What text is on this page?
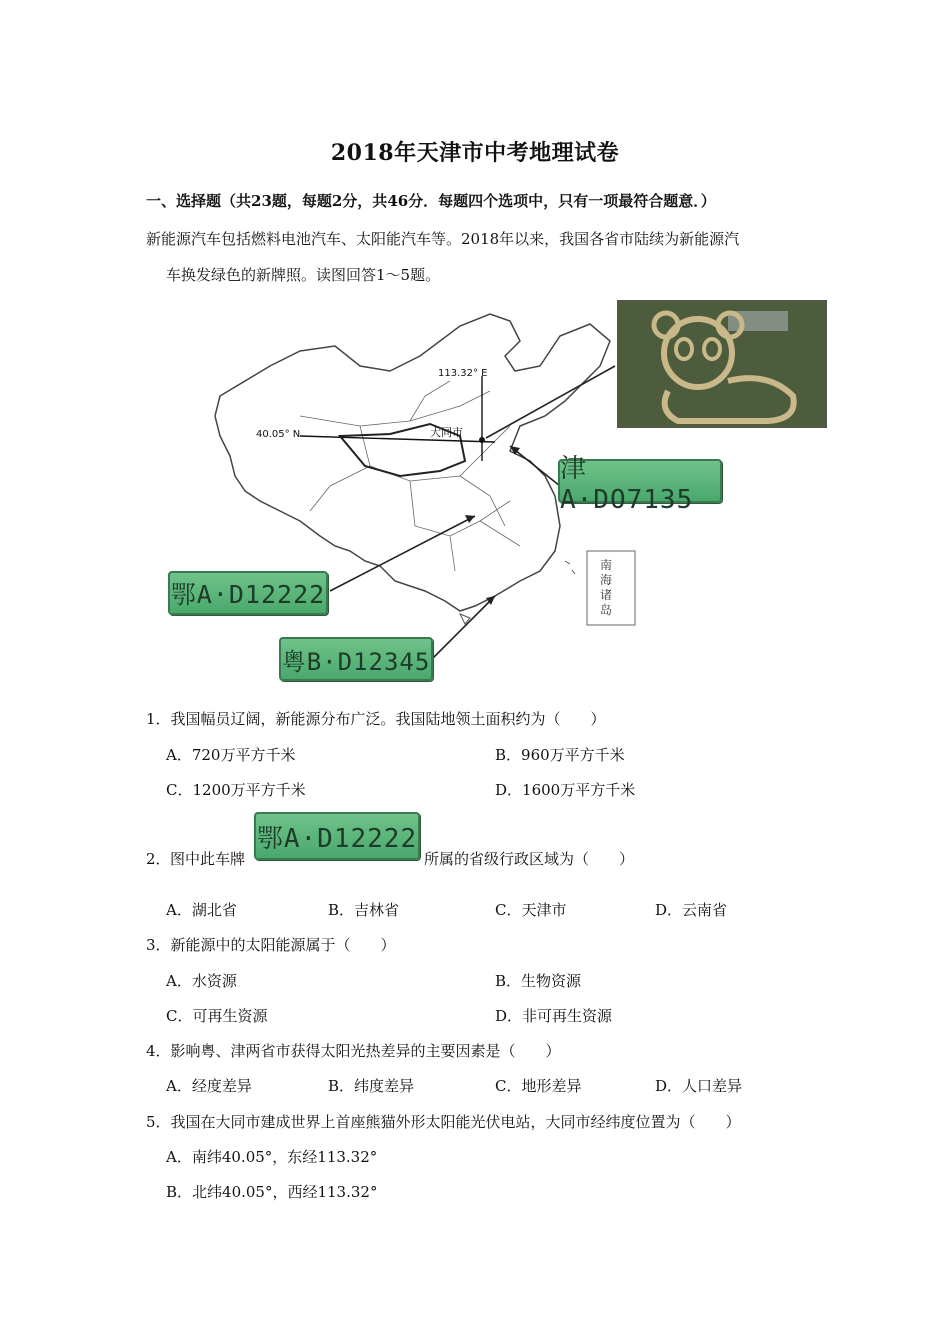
2018年天津市中考地理试卷
一、选择题（共23题，每题2分，共46分．每题四个选项中，只有一项最符合题意．）
新能源汽车包括燃料电池汽车、太阳能汽车等。2018年以来，我国各省市陆续为新能源汽
车换发绿色的新牌照。读图回答1～5题。
113.32° E
40.05° N	大同市
南海诸岛
津A·DO7135
鄂A·D12222
粤B·D12345
1．我国幅员辽阔，新能源分布广泛。我国陆地领土面积约为（　　）
A．720万平方千米	B．960万平方千米
C．1200万平方千米	D．1600万平方千米
2． 图中此车牌
鄂A·D12222
所属的省级行政区域为（　　）
A．湖北省	B．吉林省	C．天津市	D．云南省
3．新能源中的太阳能源属于（　　）
A．水资源	B．生物资源
C．可再生资源	D．非可再生资源
4．影响粤、津两省市获得太阳光热差异的主要因素是（　　）
A．经度差异	B．纬度差异	C．地形差异	D．人口差异
5．我国在大同市建成世界上首座熊猫外形太阳能光伏电站，大同市经纬度位置为（　　）
A．南纬40.05°，东经113.32°
B．北纬40.05°，西经113.32°
